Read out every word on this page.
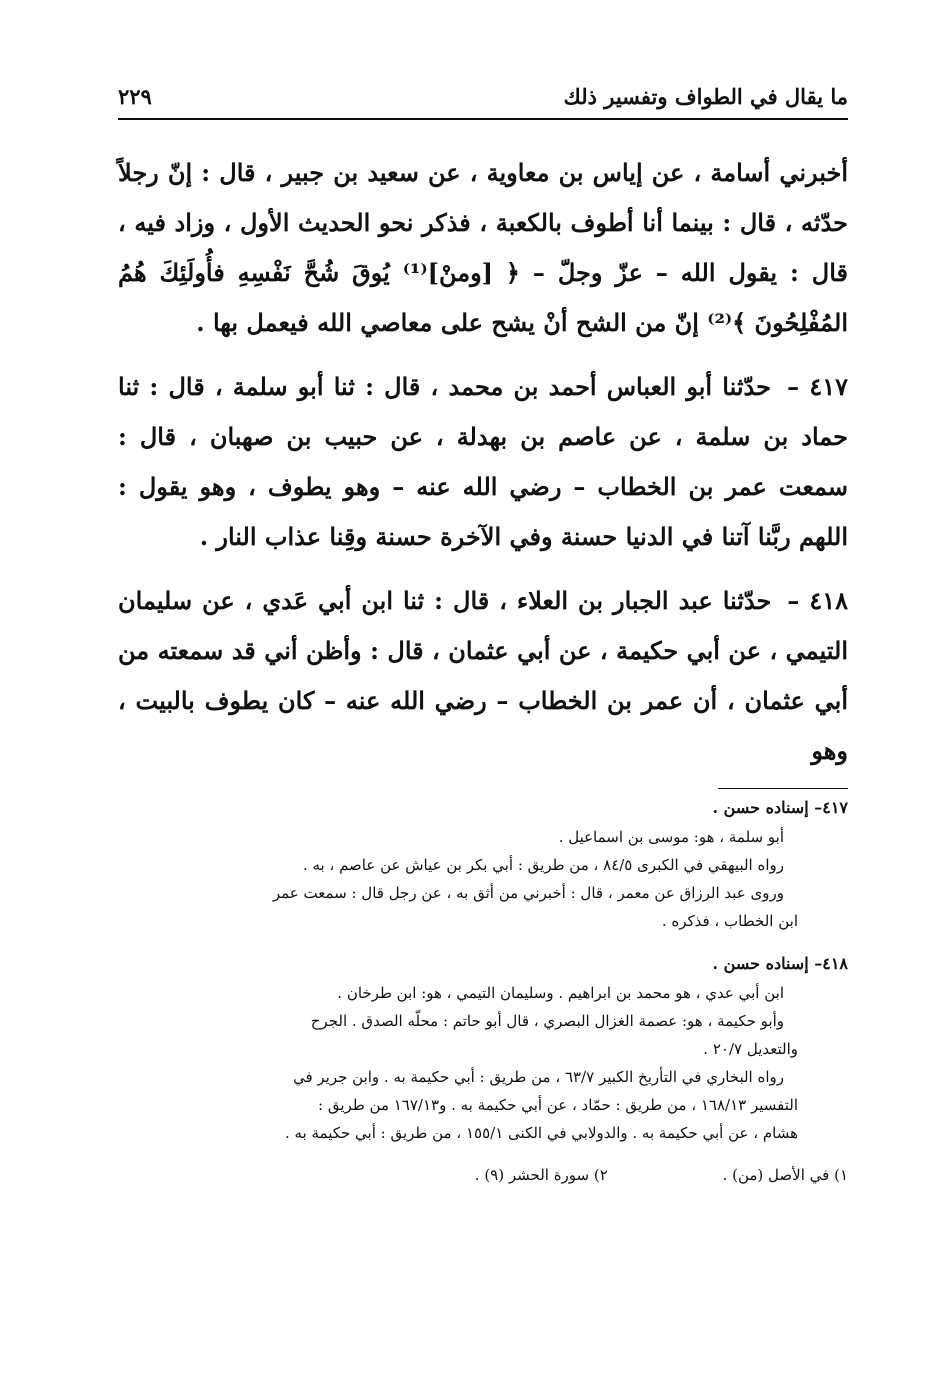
ما يقال في الطواف وتفسير ذلك
٢٢٩

أخبرني أسامة ، عن إياس بن معاوية ، عن سعيد بن جبير ، قال : إنّ رجلاً حدّثه ، قال : بينما أنا أطوف بالكعبة ، فذكر نحو الحديث الأول ، وزاد فيه ، قال : يقول الله – عزّ وجلّ – ﴿ [ومنْ]⁽¹⁾ يُوقَ شُحَّ نَفْسِهِ فأُولَئِكَ هُمُ المُفْلِحُونَ ﴾⁽²⁾ إنّ من الشح أنْ يشح على معاصي الله فيعمل بها .

٤١٧ – حدّثنا أبو العباس أحمد بن محمد ، قال : ثنا أبو سلمة ، قال : ثنا حماد بن سلمة ، عن عاصم بن بهدلة ، عن حبيب بن صهبان ، قال : سمعت عمر بن الخطاب – رضي الله عنه – وهو يطوف ، وهو يقول : اللهم ربَّنا آتنا في الدنيا حسنة وفي الآخرة حسنة وقِنا عذاب النار .

٤١٨ – حدّثنا عبد الجبار بن العلاء ، قال : ثنا ابن أبي عَدي ، عن سليمان التيمي ، عن أبي حكيمة ، عن أبي عثمان ، قال : وأظن أني قد سمعته من أبي عثمان ، أن عمر بن الخطاب – رضي الله عنه – كان يطوف بالبيت ، وهو

٤١٧– إسناده حسن .
أبو سلمة ، هو: موسى بن اسماعيل .
رواه البيهقي في الكبرى ٨٤/٥ ، من طريق : أبي بكر بن عياش عن عاصم ، به .
وروى عبد الرزاق عن معمر ، قال : أخبرني من أثق به ، عن رجل قال : سمعت عمر
ابن الخطاب ، فذكره .
٤١٨– إسناده حسن .
ابن أبي عدي ، هو محمد بن ابراهيم . وسليمان التيمي ، هو: ابن طرخان .
وأبو حكيمة ، هو: عصمة الغزال البصري ، قال أبو حاتم : محلّه الصدق . الجرح
والتعديل ٢٠/٧ .
رواه البخاري في التأريخ الكبير ٦٣/٧ ، من طريق : أبي حكيمة به . وابن جرير في
التفسير ١٦٨/١٣ ، من طريق : حمّاد ، عن أبي حكيمة به . و١٦٧/١٣ من طريق :
هشام ، عن أبي حكيمة به . والدولابي في الكنى ١٥٥/١ ، من طريق : أبي حكيمة به .
١) في الأصل (من) . ٢) سورة الحشر (٩) .
